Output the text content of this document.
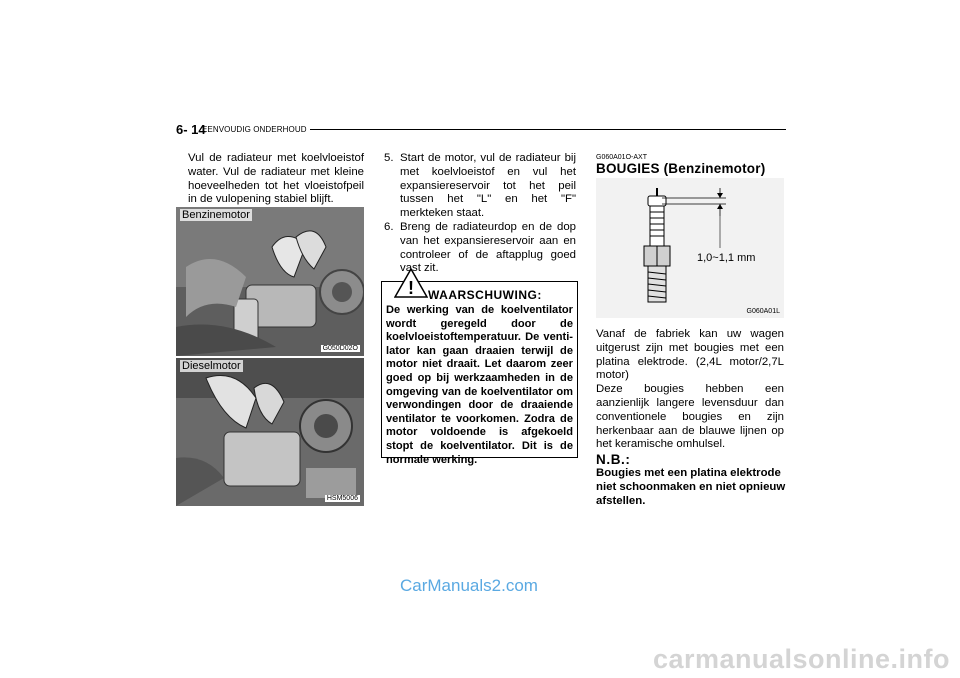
6- 14
EENVOUDIG ONDERHOUD
Vul de radiateur met koelvloeistof water. Vul de radiateur met kleine hoeveelheden tot het vloeistofpeil in de vulopening stabiel blijft.
Benzinemotor
G050D02O
Dieselmotor
HSM5006
5. Start de motor, vul de radiateur bij met koelvloeistof en vul het expansiereservoir tot het peil tussen het "L" en het "F" merkteken staat.
6. Breng de radiateurdop en de dop van het expansiereservoir aan en controleer of de aftapplug goed vast zit.
! WAARSCHUWING:
De werking van de koelventilator wordt geregeld door de koelvloeistoftemperatuur. De venti-lator kan gaan draaien terwijl de motor niet draait. Let daarom zeer goed op bij werkzaamheden in de omgeving van de koelventilator om verwondingen door de draaiende ventilator te voorkomen. Zodra de motor voldoende is afgekoeld stopt de koelventilator. Dit is de normale werking.
G060A01O-AXT
BOUGIES (Benzinemotor)
1,0~1,1 mm
G060A01L
Vanaf de fabriek kan uw wagen uitgerust zijn met bougies met een platina elektrode. (2,4L motor/2,7L motor)
Deze bougies hebben een aanzienlijk langere levensduur dan conventionele bougies en zijn herkenbaar aan de blauwe lijnen op het keramische omhulsel.
N.B.:
Bougies met een platina elektrode niet schoonmaken en niet opnieuw afstellen.
CarManuals2.com
carmanualsonline.info
